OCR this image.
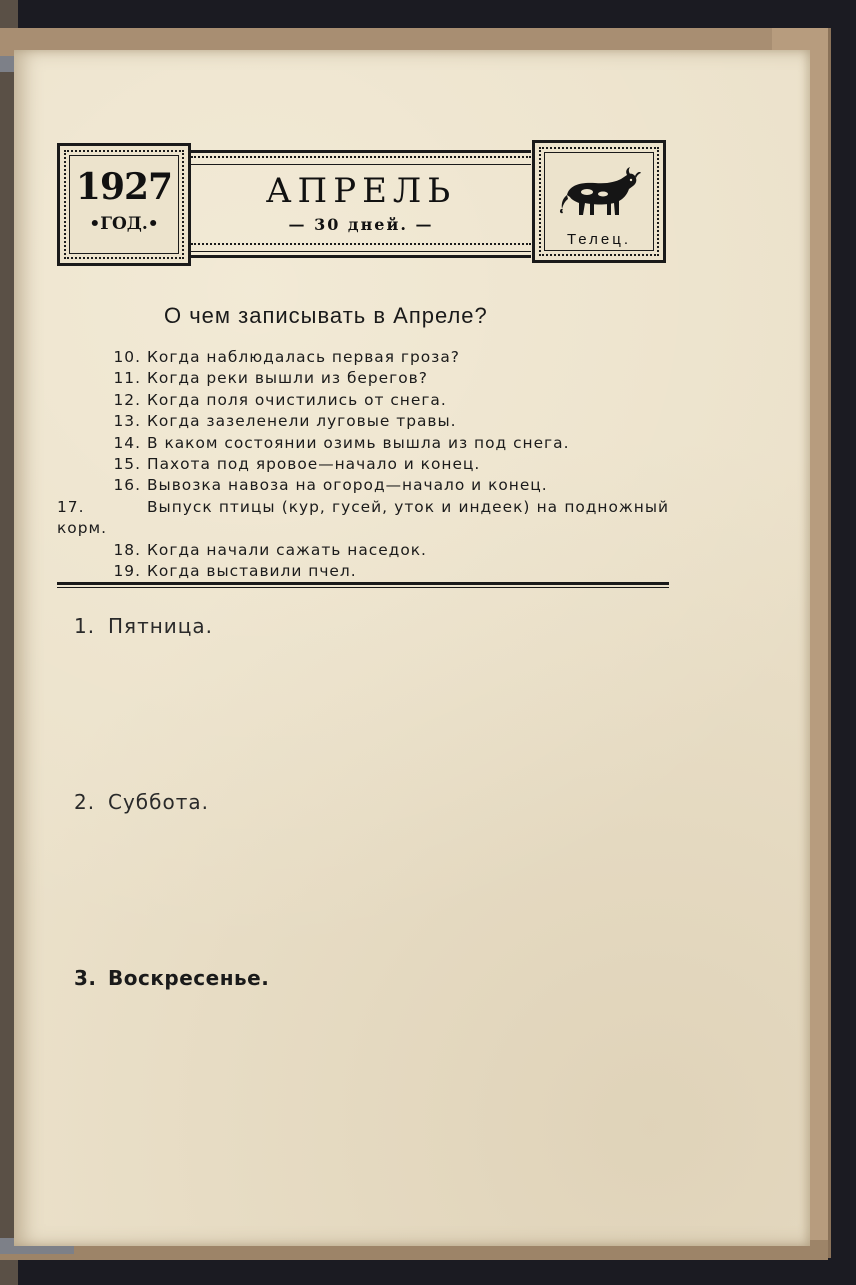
1927
•ГОД.•
АПРЕЛЬ
— 30 дней. —
Телец.
О чем записывать в Апреле?
10. Когда наблюдалась первая гроза?
11. Когда реки вышли из берегов?
12. Когда поля очистились от снега.
13. Когда зазеленели луговые травы.
14. В каком состоянии озимь вышла из под снега.
15. Пахота под яровое—начало и конец.
16. Вывозка навоза на огород—начало и конец.
17.	Выпуск птицы (кур, гусей, уток и индеек) на подножный корм.
18. Когда начали сажать наседок.
19. Когда выставили пчел.
1. Пятница.
2. Суббота.
3. Воскресенье.
